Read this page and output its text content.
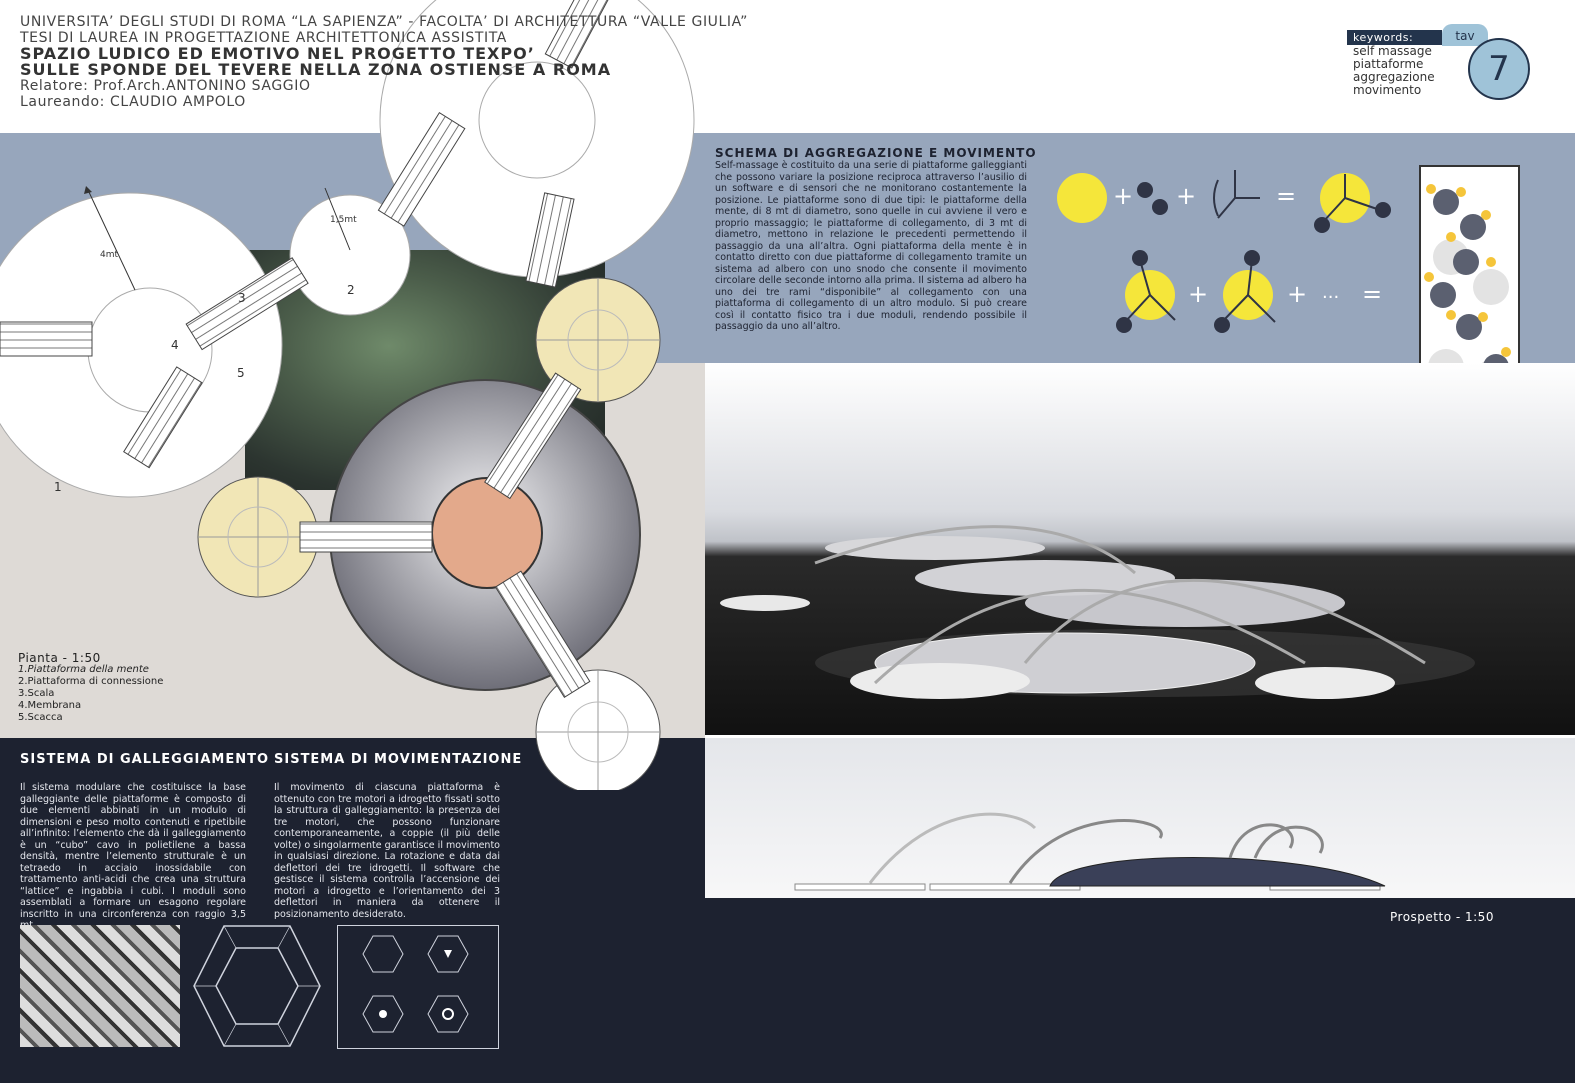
1
2
3
4
5
4mt
1,5mt
UNIVERSITA’ DEGLI STUDI DI ROMA “LA SAPIENZA” - FACOLTA’ DI ARCHITETTURA “VALLE GIULIA”
TESI DI LAUREA IN PROGETTAZIONE ARCHITETTONICA ASSISTITA
SPAZIO LUDICO ED EMOTIVO NEL PROGETTO TEXPO’
SULLE SPONDE DEL TEVERE NELLA ZONA OSTIENSE A ROMA
Relatore: Prof.Arch.ANTONINO SAGGIO
Laureando: CLAUDIO AMPOLO
keywords:
self massage
piattaforme
aggregazione
movimento
tav
7
SCHEMA DI AGGREGAZIONE E MOVIMENTO
Self-massage è costituito da una serie di piattaforme galleggianti che possono variare la posizione reciproca attraverso l’ausilio di un software e di sensori che ne monitorano costantemente la posizione. Le piattaforme sono di due tipi: le piattaforme della mente, di 8 mt di diametro, sono quelle in cui avviene il vero e proprio massaggio; le piattaforme di collegamento, di 3 mt di diametro, mettono in relazione le precedenti permettendo il passaggio da una all’altra. Ogni piattaforma della mente è in contatto diretto con due piattaforme di collegamento tramite un sistema ad albero con uno snodo che consente il movimento circolare delle seconde intorno alla prima. Il sistema ad albero ha uno dei tre rami “disponibile” al collegamento con una piattaforma di collegamento di un altro modulo. Si può creare così il contatto fisico tra i due moduli, rendendo possibile il passaggio da uno all’altro.
+ +	=
+	+ ... =
Prospetto - 1:50
Pianta - 1:50
1.Piattaforma della mente
2.Piattaforma di connessione
3.Scala
4.Membrana
5.Scacca
SISTEMA DI GALLEGGIAMENTO
Il sistema modulare che costituisce la base galleggiante delle piattaforme è composto di due elementi abbinati in un modulo di dimensioni e peso molto contenuti e ripetibile all’infinito: l’elemento che dà il galleggiamento è un “cubo” cavo in polietilene a bassa densità, mentre l’elemento strutturale è un tetraedo in acciaio inossidabile con trattamento anti-acidi che crea una struttura “lattice” e ingabbia i cubi. I moduli sono assemblati a formare un esagono regolare inscritto in una circonferenza con raggio 3,5
SISTEMA DI MOVIMENTAZIONE
Il movimento di ciascuna piattaforma è ottenuto con tre motori a idrogetto fissati sotto la struttura di galleggiamento: la presenza dei tre motori, che possono funzionare contemporaneamente, a coppie (il più delle volte) o singolarmente garantisce il movimento in qualsiasi direzione. La rotazione e data dai deflettori dei tre idrogetti. Il software che gestisce il sistema controlla l’accensione dei motori a idrogetto e l’orientamento dei 3 deflettori in maniera da ottenere il posizionamento desiderato.
